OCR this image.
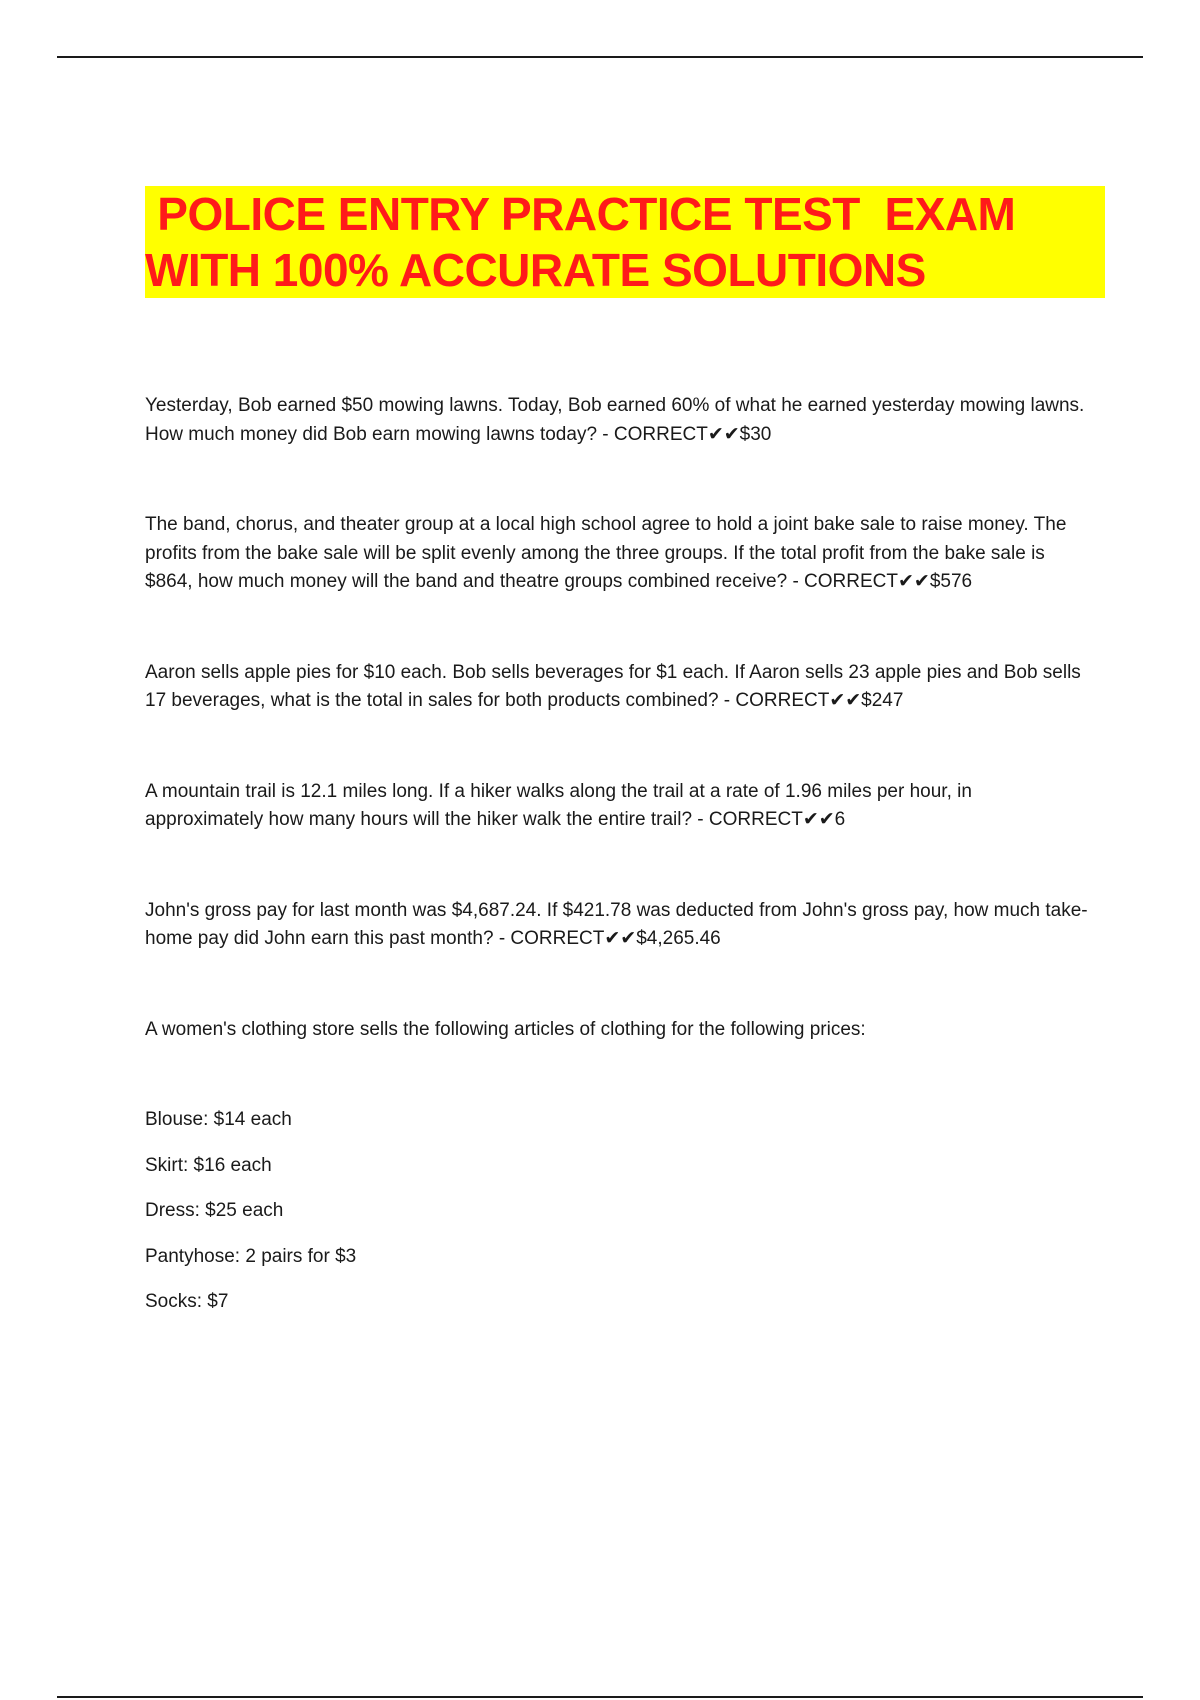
POLICE ENTRY PRACTICE TEST  EXAM
WITH 100% ACCURATE SOLUTIONS

Yesterday, Bob earned $50 mowing lawns. Today, Bob earned 60% of what he earned yesterday mowing lawns. How much money did Bob earn mowing lawns today? - CORRECT✔✔$30

The band, chorus, and theater group at a local high school agree to hold a joint bake sale to raise money. The profits from the bake sale will be split evenly among the three groups. If the total profit from the bake sale is $864, how much money will the band and theatre groups combined receive? - CORRECT✔✔$576

Aaron sells apple pies for $10 each. Bob sells beverages for $1 each. If Aaron sells 23 apple pies and Bob sells 17 beverages, what is the total in sales for both products combined? - CORRECT✔✔$247

A mountain trail is 12.1 miles long. If a hiker walks along the trail at a rate of 1.96 miles per hour, in approximately how many hours will the hiker walk the entire trail? - CORRECT✔✔6

John's gross pay for last month was $4,687.24. If $421.78 was deducted from John's gross pay, how much take-home pay did John earn this past month? - CORRECT✔✔$4,265.46

A women's clothing store sells the following articles of clothing for the following prices:

Blouse: $14 each

Skirt: $16 each

Dress: $25 each

Pantyhose: 2 pairs for $3

Socks: $7
